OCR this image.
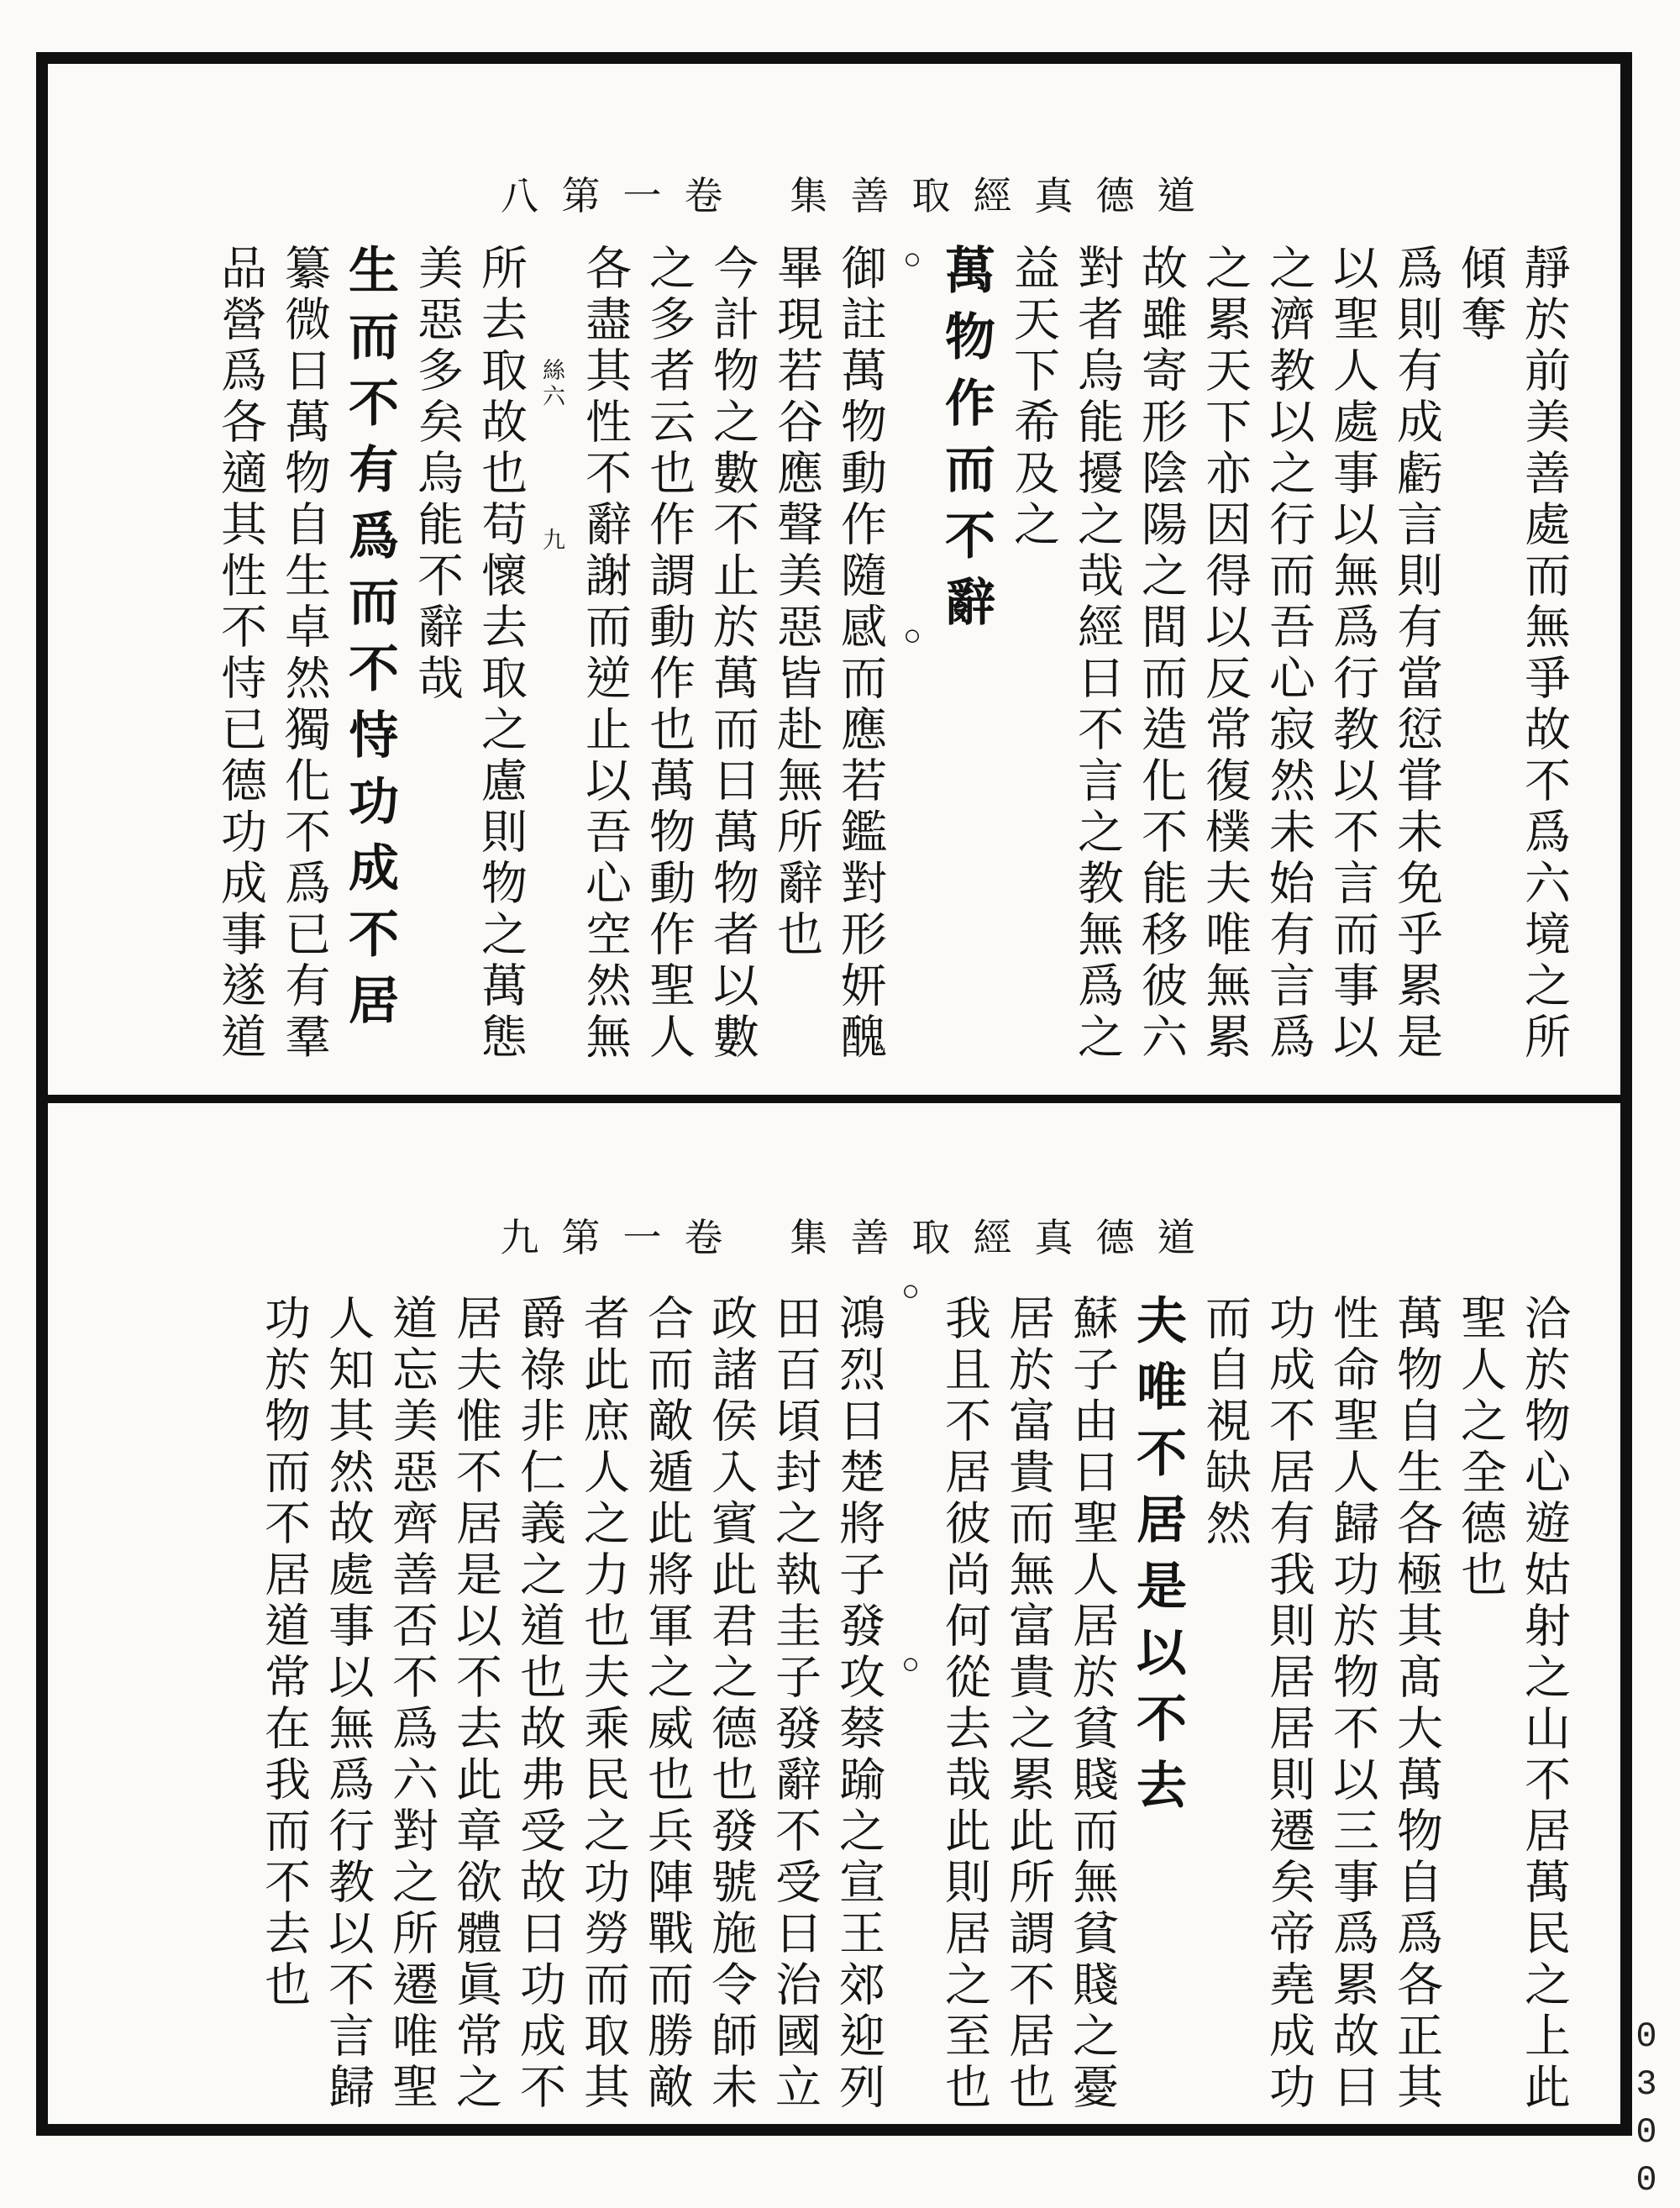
八第一卷 集善取經真德道
靜於前美善處而無爭故不爲六境之所
傾奪
爲則有成虧言則有當愆甞未免乎累是
以聖人處事以無爲行教以不言而事以
之濟教以之行而吾心寂然未始有言爲
之累天下亦因得以反常復樸夫唯無累
故雖寄形陰陽之間而造化不能移彼六
對者烏能擾之哉經曰不言之教無爲之
益天下希及之
萬物作而不辭
○
○
御註萬物動作隨感而應若鑑對形妍醜
畢現若谷應聲美惡皆赴無所辭也
今計物之數不止於萬而曰萬物者以數
之多者云也作謂動作也萬物動作聖人
各盡其性不辭謝而逆止以吾心空然無
絲六
九
所去取故也苟懷去取之慮則物之萬態
美惡多矣烏能不辭哉
生而不有爲而不恃功成不居
纂微曰萬物自生卓然獨化不爲已有羣
品營爲各適其性不恃已德功成事遂道
九第一卷 集善取經真德道
洽於物心遊姑射之山不居萬民之上此
聖人之全德也
萬物自生各極其髙大萬物自爲各正其
性命聖人歸功於物不以三事爲累故曰
功成不居有我則居居則遷矣帝堯成功
而自視缺然
夫唯不居是以不去
蘇子由曰聖人居於貧賤而無貧賤之憂
居於富貴而無富貴之累此所謂不居也
我且不居彼尚何從去哉此則居之至也
○
○
鴻烈曰楚將子發攻蔡踰之宣王郊迎列
田百頃封之執圭子發辭不受曰治國立
政諸侯入賓此君之德也發號施令師未
合而敵遁此將軍之威也兵陣戰而勝敵
者此庶人之力也夫乘民之功勞而取其
爵祿非仁義之道也故弗受故曰功成不
居夫惟不居是以不去此章欲體眞常之
道忘美惡齊善否不爲六對之所遷唯聖
人知其然故處事以無爲行教以不言歸
功於物而不居道常在我而不去也
0300
